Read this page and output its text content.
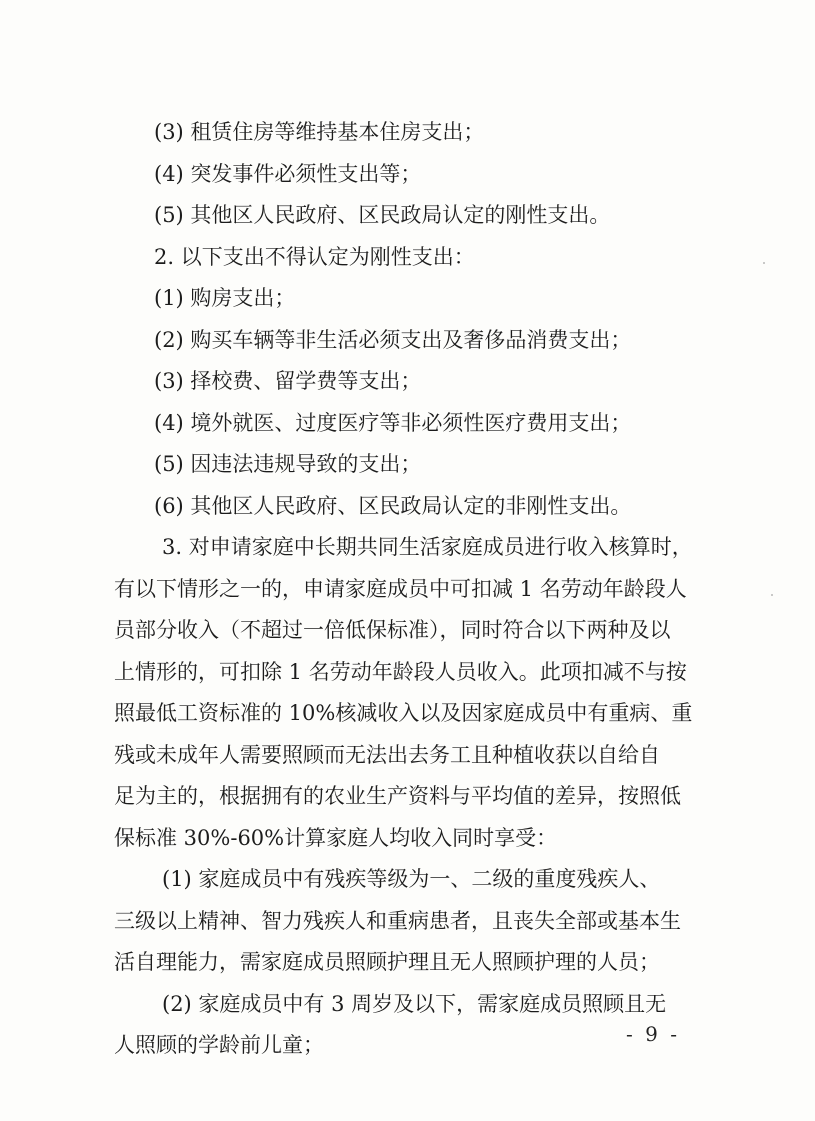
(3) 租赁住房等维持基本住房支出；
(4) 突发事件必须性支出等；
(5) 其他区人民政府、区民政局认定的刚性支出。
2. 以下支出不得认定为刚性支出：
(1) 购房支出；
(2) 购买车辆等非生活必须支出及奢侈品消费支出；
(3) 择校费、留学费等支出；
(4) 境外就医、过度医疗等非必须性医疗费用支出；
(5) 因违法违规导致的支出；
(6) 其他区人民政府、区民政局认定的非刚性支出。
3. 对申请家庭中长期共同生活家庭成员进行收入核算时，
有以下情形之一的，申请家庭成员中可扣减 1 名劳动年龄段人
员部分收入（不超过一倍低保标准），同时符合以下两种及以
上情形的，可扣除 1 名劳动年龄段人员收入。此项扣减不与按
照最低工资标准的 10%核减收入以及因家庭成员中有重病、重
残或未成年人需要照顾而无法出去务工且种植收获以自给自
足为主的，根据拥有的农业生产资料与平均值的差异，按照低
保标准 30%-60%计算家庭人均收入同时享受：
(1) 家庭成员中有残疾等级为一、二级的重度残疾人、
三级以上精神、智力残疾人和重病患者，且丧失全部或基本生
活自理能力，需家庭成员照顾护理且无人照顾护理的人员；
(2) 家庭成员中有 3 周岁及以下，需家庭成员照顾且无
人照顾的学龄前儿童；	- 9 -
